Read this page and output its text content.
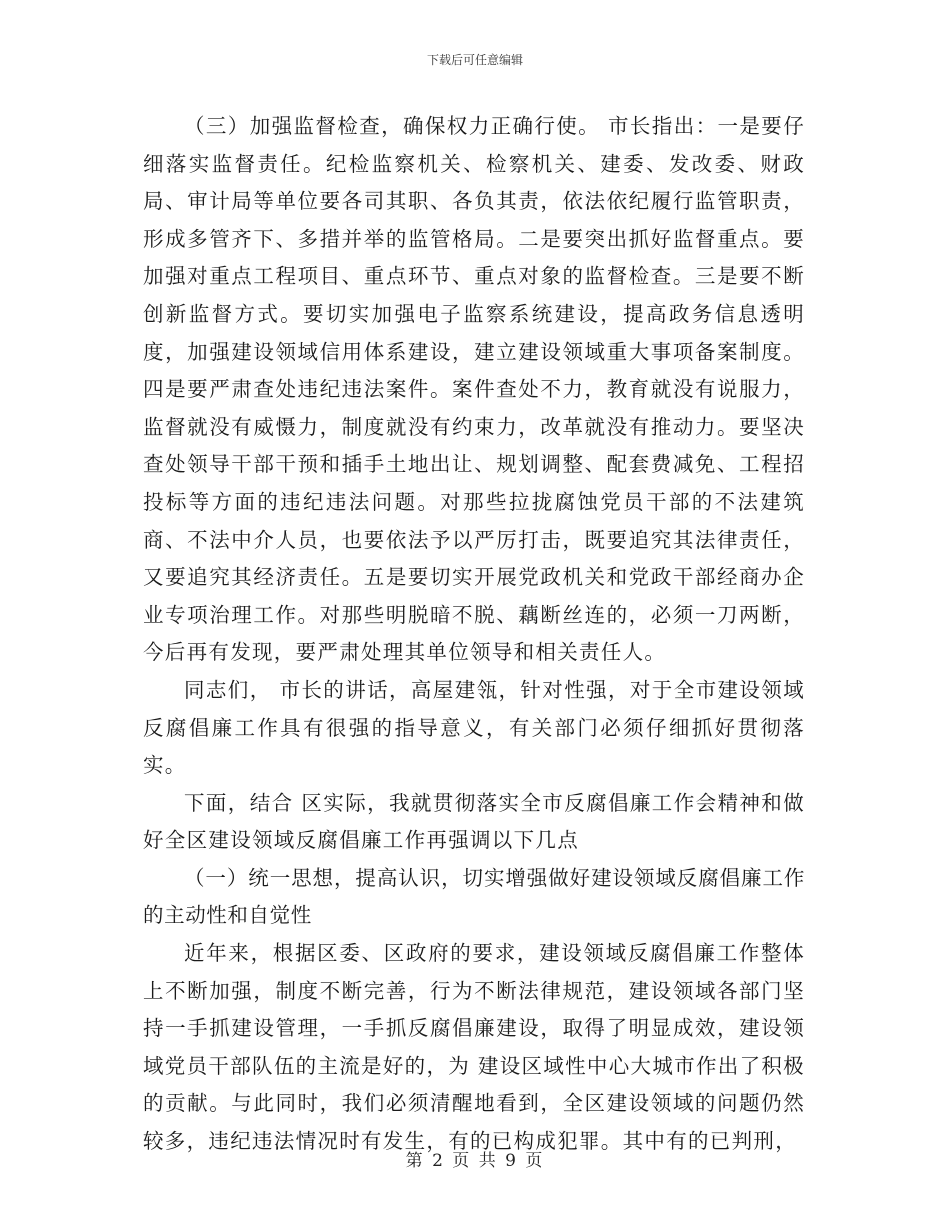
下载后可任意编辑

（三）加强监督检查，确保权力正确行使。 市长指出：一是要仔细落实监督责任。纪检监察机关、检察机关、建委、发改委、财政局、审计局等单位要各司其职、各负其责，依法依纪履行监管职责，形成多管齐下、多措并举的监管格局。二是要突出抓好监督重点。要加强对重点工程项目、重点环节、重点对象的监督检查。三是要不断创新监督方式。要切实加强电子监察系统建设，提高政务信息透明度，加强建设领域信用体系建设，建立建设领域重大事项备案制度。四是要严肃查处违纪违法案件。案件查处不力，教育就没有说服力，监督就没有威慑力，制度就没有约束力，改革就没有推动力。要坚决查处领导干部干预和插手土地出让、规划调整、配套费减免、工程招投标等方面的违纪违法问题。对那些拉拢腐蚀党员干部的不法建筑商、不法中介人员，也要依法予以严厉打击，既要追究其法律责任，又要追究其经济责任。五是要切实开展党政机关和党政干部经商办企业专项治理工作。对那些明脱暗不脱、藕断丝连的，必须一刀两断，今后再有发现，要严肃处理其单位领导和相关责任人。

同志们， 市长的讲话，高屋建瓴，针对性强，对于全市建设领域反腐倡廉工作具有很强的指导意义，有关部门必须仔细抓好贯彻落实。

下面，结合 区实际，我就贯彻落实全市反腐倡廉工作会精神和做好全区建设领域反腐倡廉工作再强调以下几点

（一）统一思想，提高认识，切实增强做好建设领域反腐倡廉工作的主动性和自觉性

近年来，根据区委、区政府的要求，建设领域反腐倡廉工作整体上不断加强，制度不断完善，行为不断法律规范，建设领域各部门坚持一手抓建设管理，一手抓反腐倡廉建设，取得了明显成效，建设领域党员干部队伍的主流是好的，为 建设区域性中心大城市作出了积极的贡献。与此同时，我们必须清醒地看到，全区建设领域的问题仍然较多，违纪违法情况时有发生，有的已构成犯罪。其中有的已判刑，

第 2 页 共 9 页
